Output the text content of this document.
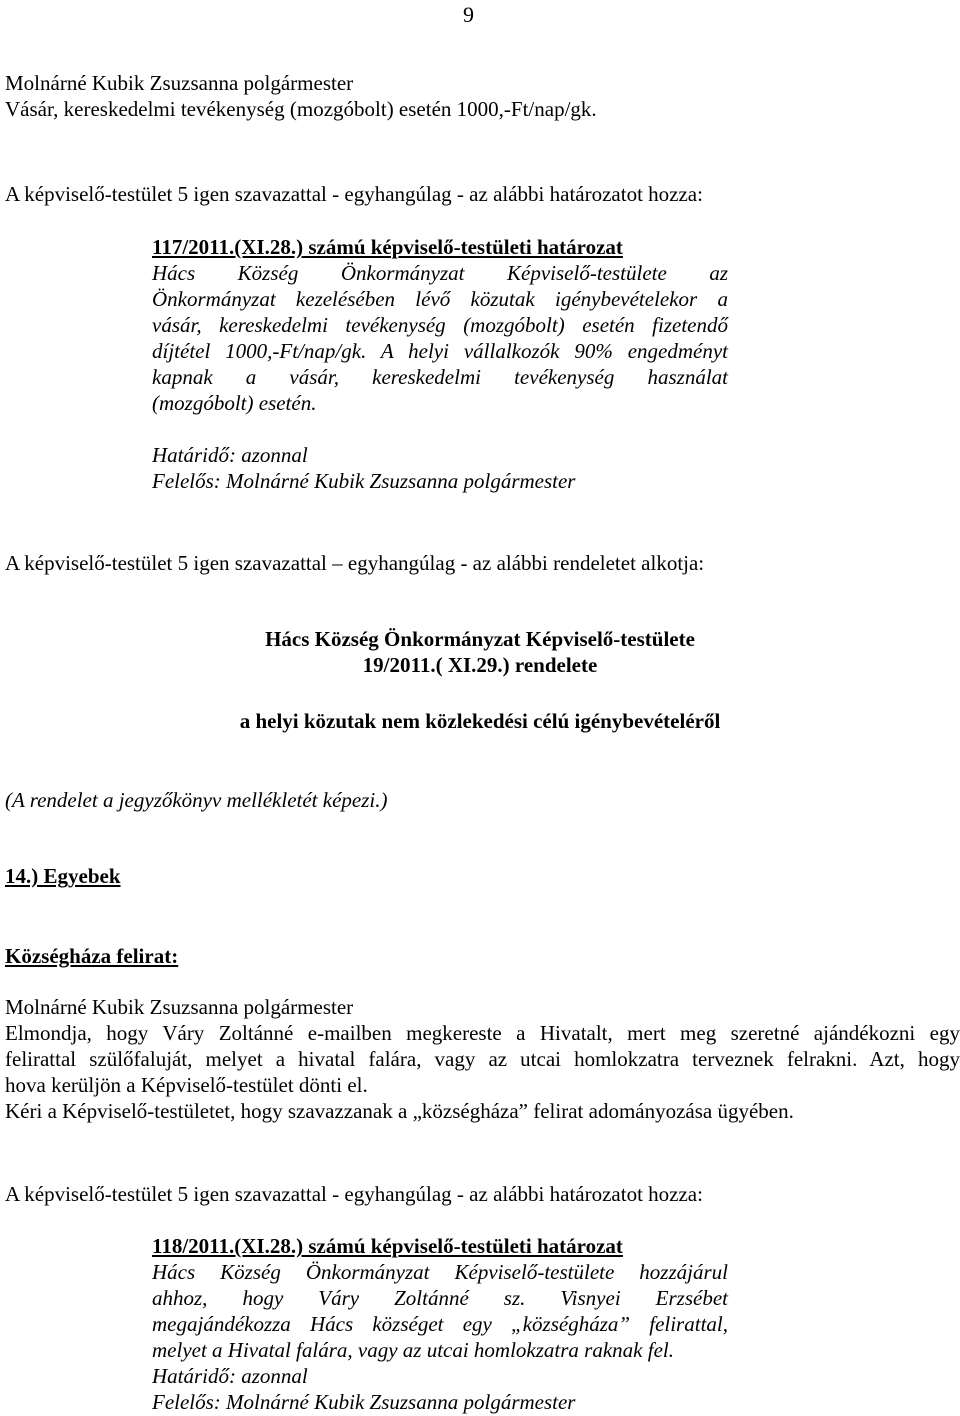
9
Molnárné Kubik Zsuzsanna polgármester
Vásár, kereskedelmi tevékenység (mozgóbolt) esetén 1000,-Ft/nap/gk.
A képviselő-testület 5 igen szavazattal - egyhangúlag - az alábbi határozatot hozza:
117/2011.(XI.28.) számú képviselő-testületi határozat
Hács Község Önkormányzat Képviselő-testülete az
Önkormányzat kezelésében lévő közutak igénybevételekor a
vásár, kereskedelmi tevékenység (mozgóbolt) esetén fizetendő
díjtétel 1000,-Ft/nap/gk. A helyi vállalkozók 90% engedményt
kapnak a vásár, kereskedelmi tevékenység használat
(mozgóbolt) esetén.
Határidő: azonnal
Felelős: Molnárné Kubik Zsuzsanna polgármester
A képviselő-testület 5 igen szavazattal – egyhangúlag - az alábbi rendeletet alkotja:
Hács Község Önkormányzat Képviselő-testülete
19/2011.( XI.29.) rendelete
a helyi közutak nem közlekedési célú igénybevételéről
(A rendelet a jegyzőkönyv mellékletét képezi.)
14.) Egyebek
Községháza felirat:
Molnárné Kubik Zsuzsanna polgármester
Elmondja, hogy Váry Zoltánné e-mailben megkereste a Hivatalt, mert meg szeretné ajándékozni egy
felirattal szülőfaluját, melyet a hivatal falára, vagy az utcai homlokzatra terveznek felrakni. Azt, hogy
hova kerüljön a Képviselő-testület dönti el.
Kéri a Képviselő-testületet, hogy szavazzanak a „községháza” felirat adományozása ügyében.
A képviselő-testület 5 igen szavazattal - egyhangúlag - az alábbi határozatot hozza:
118/2011.(XI.28.) számú képviselő-testületi határozat
Hács Község Önkormányzat Képviselő-testülete hozzájárul
ahhoz, hogy Váry Zoltánné sz. Visnyei Erzsébet
megajándékozza Hács községet egy „községháza” felirattal,
melyet a Hivatal falára, vagy az utcai homlokzatra raknak fel.
Határidő: azonnal
Felelős: Molnárné Kubik Zsuzsanna polgármester
